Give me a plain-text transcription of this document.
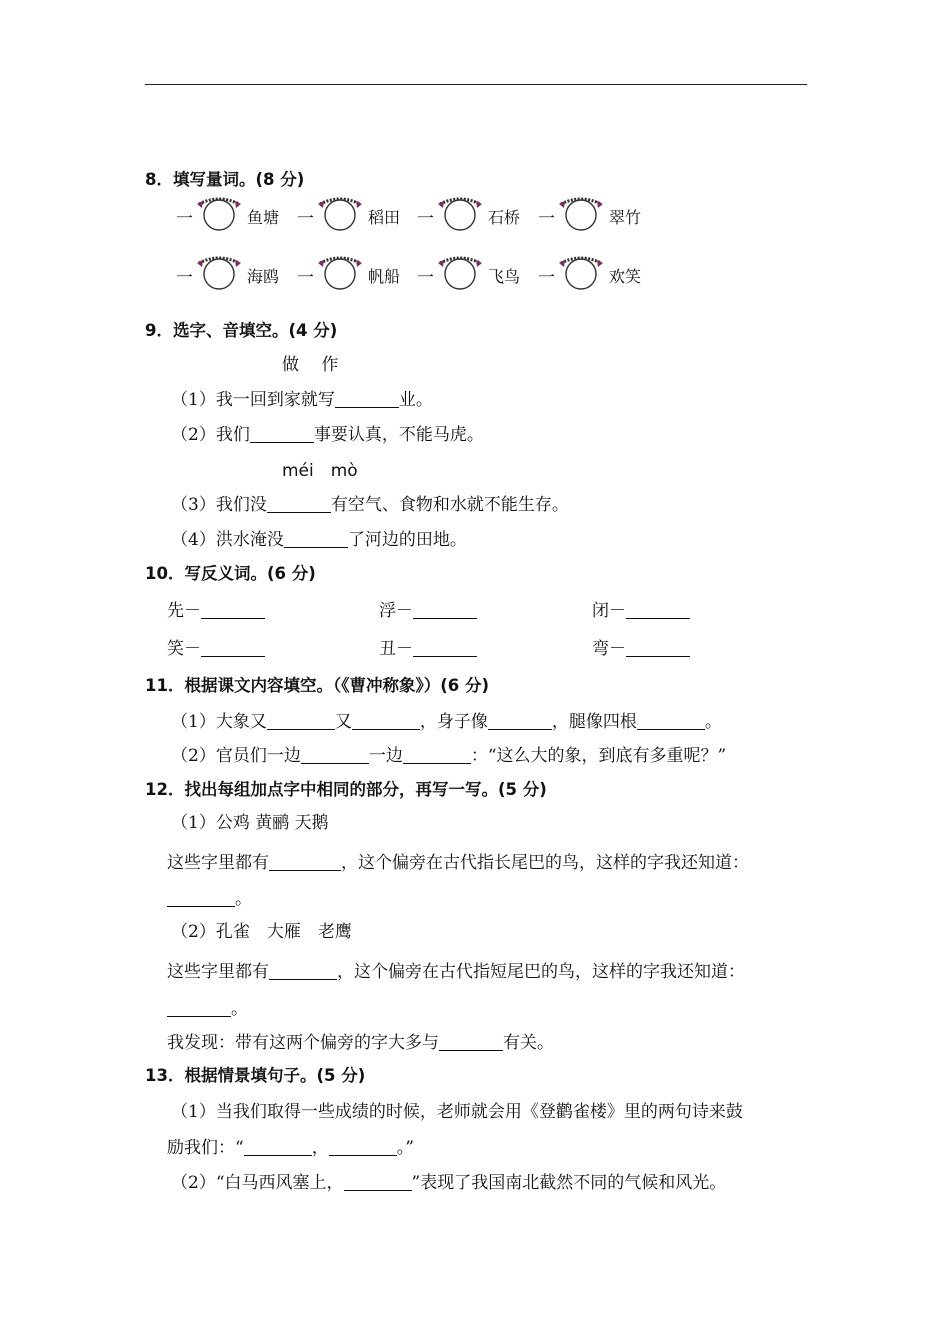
8．填写量词。(8 分)
一	鱼塘 一	稻田 一	石桥 一	翠竹
一	海鸥 一	帆船 一	飞鸟 一	欢笑
9．选字、音填空。(4 分)
做　 作
（1）我一回到家就写	业。
（2）我们	事要认真，不能马虎。
méi　mò
（3）我们没	有空气、食物和水就不能生存。
（4）洪水淹没	了河边的田地。
10．写反义词。(6 分)
先－	浮－	闭－
笑－	丑－	弯－
11．根据课文内容填空。（《曹冲称象》）(6 分)
（1）大象又	又	，身子像	，腿像四根	。
（2）官员们一边	一边	：“这么大的象，到底有多重呢？”
12．找出每组加点字中相同的部分，再写一写。(5 分)
（1）公鸡 黄鹂 天鹅
这些字里都有	，这个偏旁在古代指长尾巴的鸟，这样的字我还知道：
。
（2）孔雀　大雁　老鹰
这些字里都有	，这个偏旁在古代指短尾巴的鸟，这样的字我还知道：
。
我发现：带有这两个偏旁的字大多与	有关。
13．根据情景填句子。(5 分)
（1）当我们取得一些成绩的时候，老师就会用《登鹳雀楼》里的两句诗来鼓
励我们：“	，	。”
（2）“白马西风塞上，	”表现了我国南北截然不同的气候和风光。
